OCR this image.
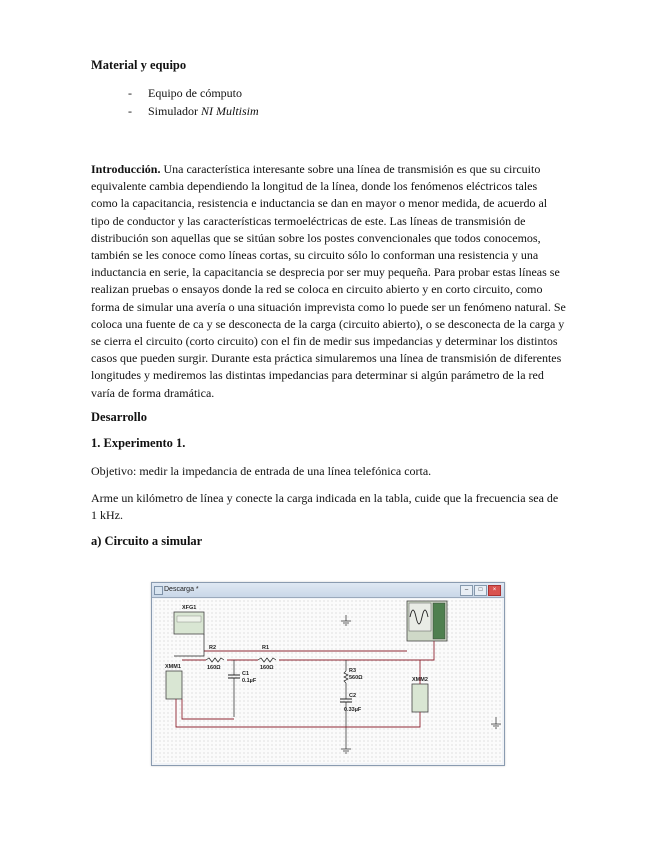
Material y equipo

- Equipo de cómputo
- Simulador NI Multisim

Introducción. Una característica interesante sobre una línea de transmisión es que su circuito equivalente cambia dependiendo la longitud de la línea, donde los fenómenos eléctricos tales como la capacitancia, resistencia e inductancia se dan en mayor o menor medida, de acuerdo al tipo de conductor y las características termoeléctricas de este. Las líneas de transmisión de distribución son aquellas que se sitúan sobre los postes convencionales que todos conocemos, también se les conoce como líneas cortas, su circuito sólo lo conforman una resistencia y una inductancia en serie, la capacitancia se desprecia por ser muy pequeña. Para probar estas líneas se realizan pruebas o ensayos donde la red se coloca en circuito abierto y en corto circuito, como forma de simular una avería o una situación imprevista como lo puede ser un fenómeno natural. Se coloca una fuente de ca y se desconecta de la carga (circuito abierto), o se desconecta de la carga y se cierra el circuito (corto circuito) con el fin de medir sus impedancias y determinar los distintos casos que pueden surgir. Durante esta práctica simularemos una línea de transmisión de diferentes longitudes y mediremos las distintas impedancias para determinar si algún parámetro de la red varía de forma dramática.

Desarrollo

1. Experimento 1.

Objetivo: medir la impedancia de entrada de una línea telefónica corta.

Arme un kilómetro de línea y conecte la carga indicada en la tabla, cuide que la frecuencia sea de 1 kHz.

a) Circuito a simular

Descarga *	–	□	×
XFG1
XMM1
XMM2
R2
160Ω
R1
160Ω
C1
0.1µF
R3
560Ω
C2
0.33µF
